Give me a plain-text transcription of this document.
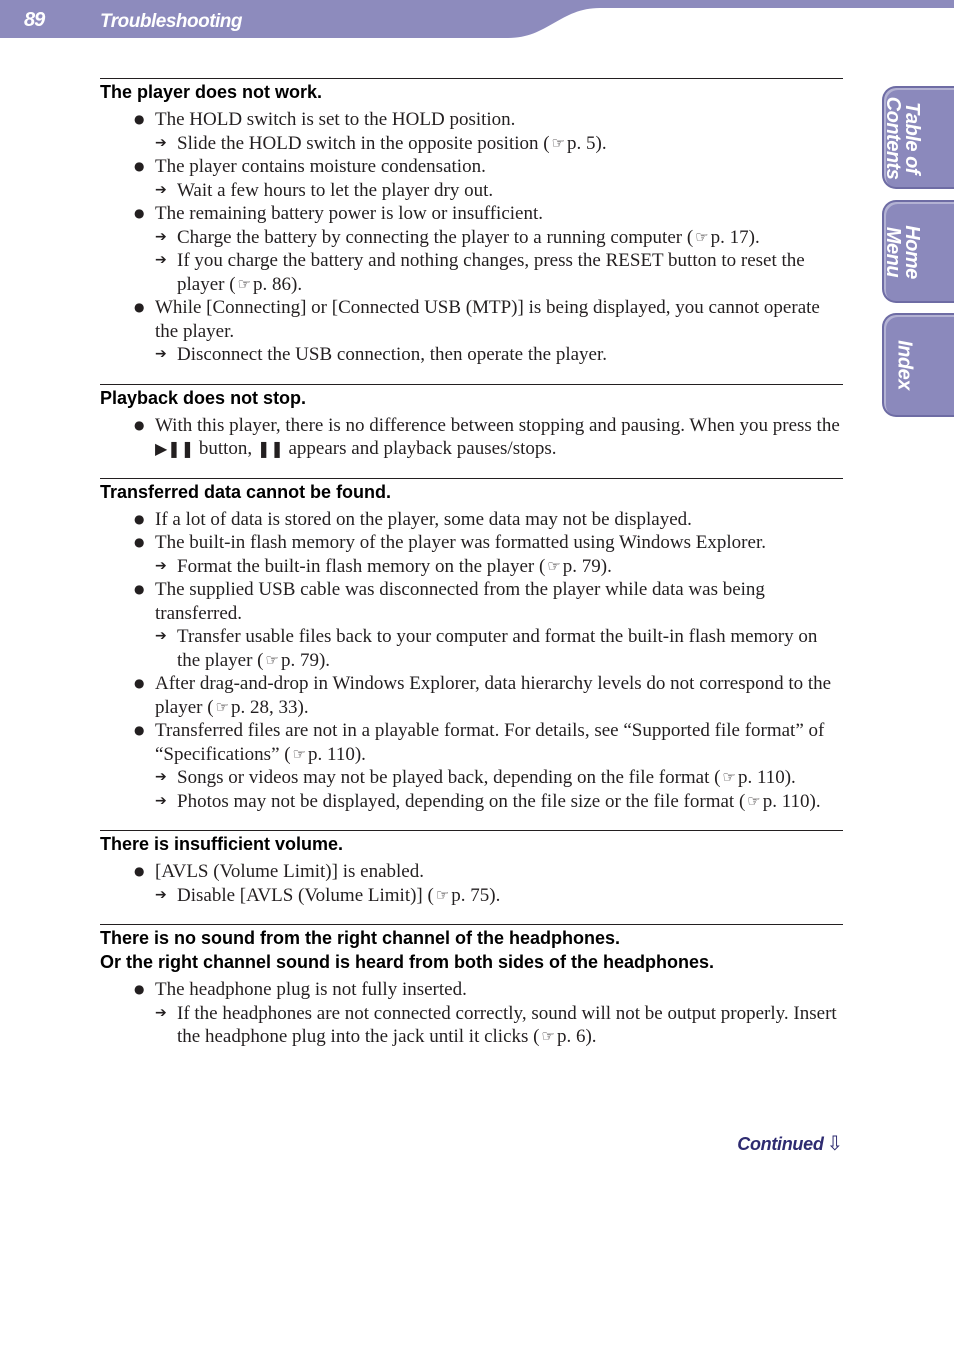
89	Troubleshooting
Table of
Contents
Home
Menu
Index
The player does not work.
● The HOLD switch is set to the HOLD position.
➔ Slide the HOLD switch in the opposite position ( ☞ p. 5).
● The player contains moisture condensation.
➔ Wait a few hours to let the player dry out.
● The remaining battery power is low or insufficient.
➔ Charge the battery by connecting the player to a running computer ( ☞ p. 17).
➔ If you charge the battery and nothing changes, press the RESET button to reset the player ( ☞ p. 86).
● While [Connecting] or [Connected USB (MTP)] is being displayed, you cannot operate the player.
➔ Disconnect the USB connection, then operate the player.
Playback does not stop.
● With this player, there is no difference between stopping and pausing. When you press the ▶❚❚ button, ❚❚ appears and playback pauses/stops.
Transferred data cannot be found.
● If a lot of data is stored on the player, some data may not be displayed.
● The built-in flash memory of the player was formatted using Windows Explorer.
➔ Format the built-in flash memory on the player ( ☞ p. 79).
● The supplied USB cable was disconnected from the player while data was being transferred.
➔ Transfer usable files back to your computer and format the built-in flash memory on the player ( ☞ p. 79).
● After drag-and-drop in Windows Explorer, data hierarchy levels do not correspond to the player ( ☞ p. 28, 33).
● Transferred files are not in a playable format. For details, see “Supported file format” of “Specifications” ( ☞ p. 110).
➔ Songs or videos may not be played back, depending on the file format ( ☞ p. 110).
➔ Photos may not be displayed, depending on the file size or the file format ( ☞ p. 110).
There is insufficient volume.
● [AVLS (Volume Limit)] is enabled.
➔ Disable [AVLS (Volume Limit)] ( ☞ p. 75).
There is no sound from the right channel of the headphones.
Or the right channel sound is heard from both sides of the headphones.
● The headphone plug is not fully inserted.
➔ If the headphones are not connected correctly, sound will not be output properly. Insert the headphone plug into the jack until it clicks ( ☞ p. 6).
Continued ⇩
